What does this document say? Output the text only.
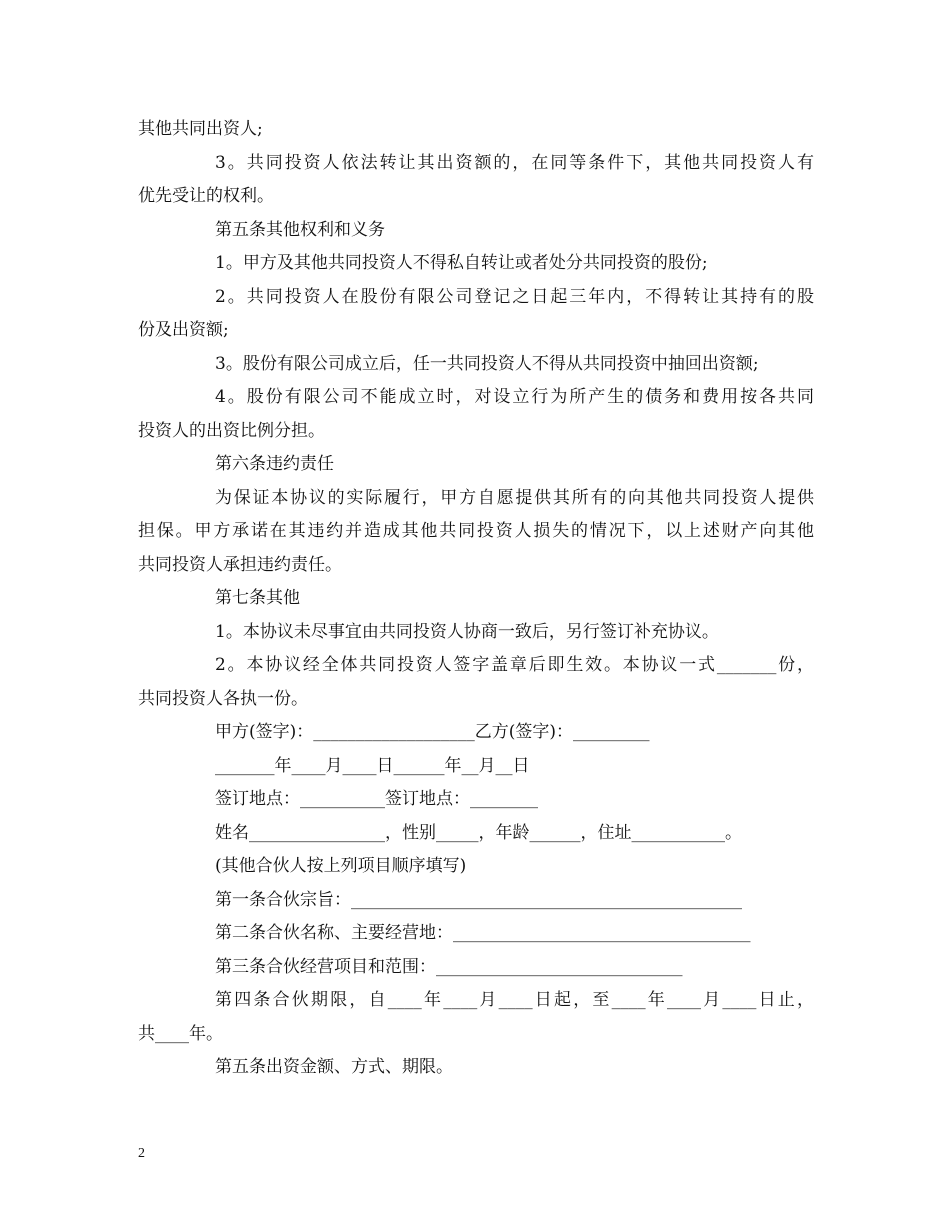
其他共同出资人;

3。共同投资人依法转让其出资额的，在同等条件下，其他共同投资人有

优先受让的权利。

第五条其他权利和义务

1。甲方及其他共同投资人不得私自转让或者处分共同投资的股份;

2。共同投资人在股份有限公司登记之日起三年内，不得转让其持有的股

份及出资额;

3。股份有限公司成立后，任一共同投资人不得从共同投资中抽回出资额;

4。股份有限公司不能成立时，对设立行为所产生的债务和费用按各共同

投资人的出资比例分担。

第六条违约责任

为保证本协议的实际履行，甲方自愿提供其所有的向其他共同投资人提供

担保。甲方承诺在其违约并造成其他共同投资人损失的情况下，以上述财产向其他

共同投资人承担违约责任。

第七条其他

1。本协议未尽事宜由共同投资人协商一致后，另行签订补充协议。

2。本协议经全体共同投资人签字盖章后即生效。本协议一式_______份，

共同投资人各执一份。

甲方(签字)：___________________乙方(签字)：_________

_______年____月____日______年__月__日

签订地点：__________签订地点：________

姓名________________，性别_____，年龄______，住址___________。

(其他合伙人按上列项目顺序填写)

第一条合伙宗旨：______________________________________________

第二条合伙名称、主要经营地：___________________________________

第三条合伙经营项目和范围：_____________________________

第四条合伙期限，自____年____月____日起，至____年____月____日止，

共____年。

第五条出资金额、方式、期限。

2
